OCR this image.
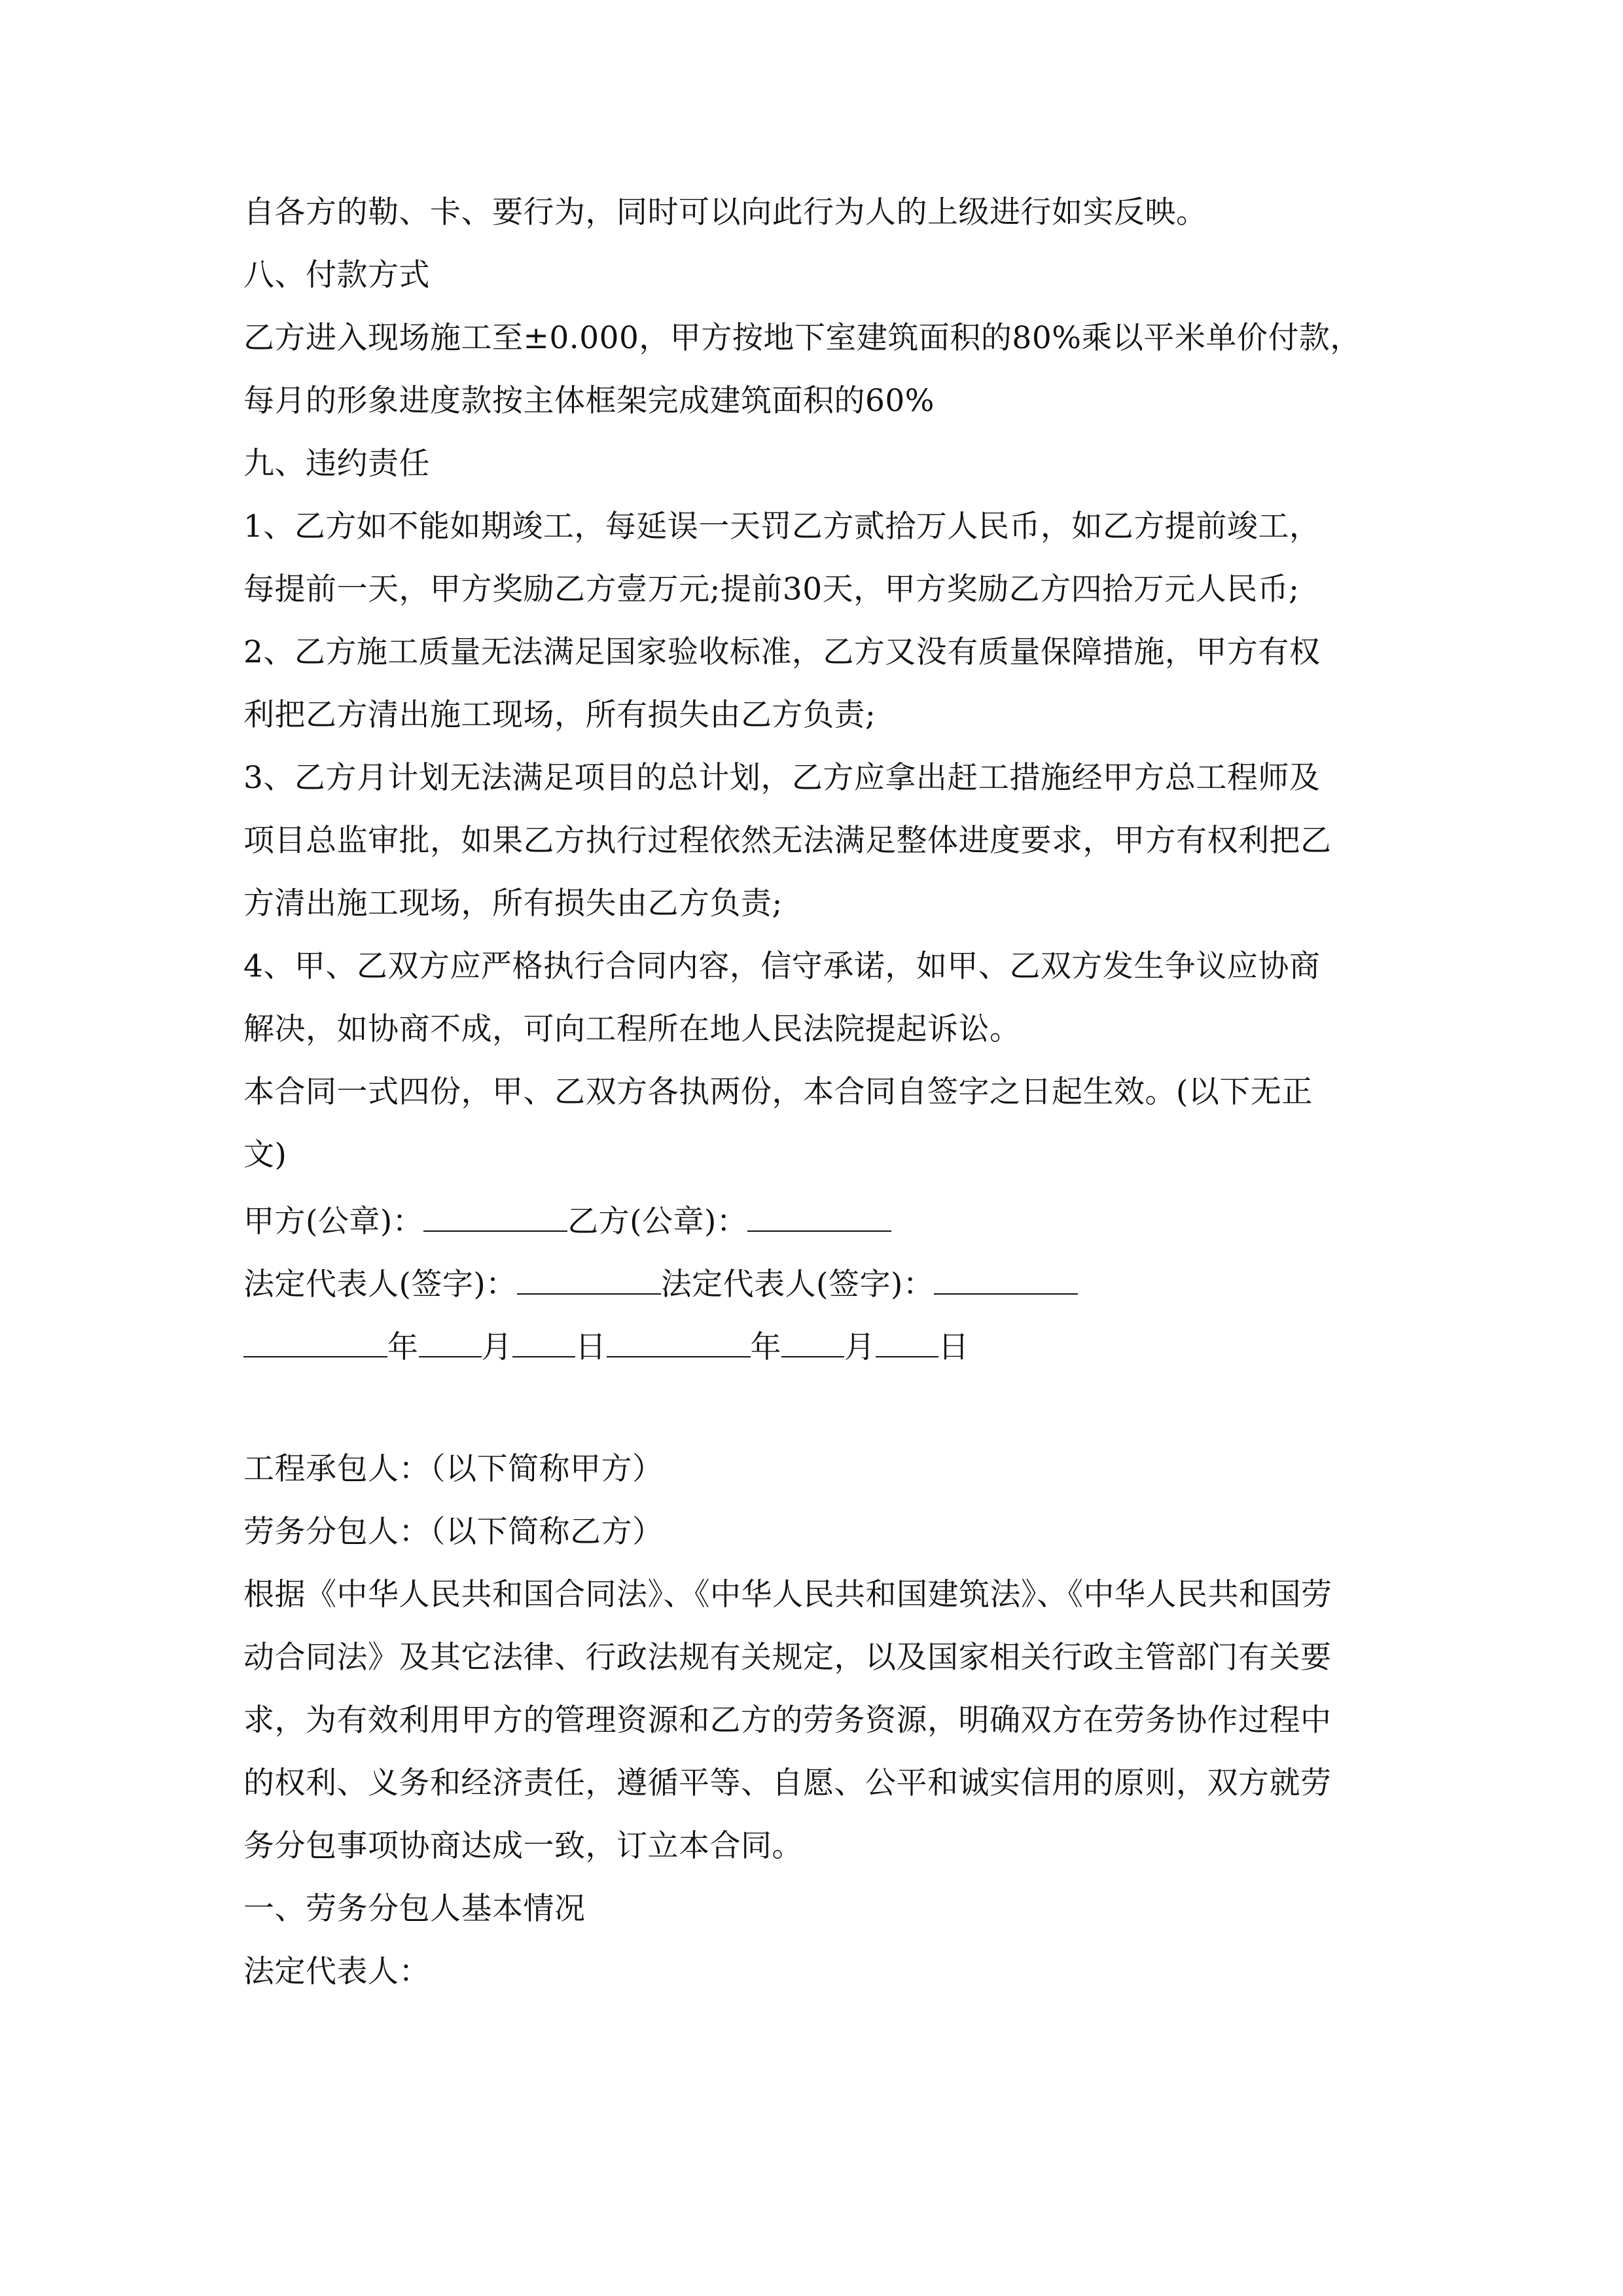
自各方的勒、卡、要行为，同时可以向此行为人的上级进行如实反映。
八、付款方式
乙方进入现场施工至±0.000，甲方按地下室建筑面积的80%乘以平米单价付款，
每月的形象进度款按主体框架完成建筑面积的60%
九、违约责任
1、乙方如不能如期竣工，每延误一天罚乙方贰拾万人民币，如乙方提前竣工，
每提前一天，甲方奖励乙方壹万元;提前30天，甲方奖励乙方四拾万元人民币;
2、乙方施工质量无法满足国家验收标准，乙方又没有质量保障措施，甲方有权
利把乙方清出施工现场，所有损失由乙方负责;
3、乙方月计划无法满足项目的总计划，乙方应拿出赶工措施经甲方总工程师及
项目总监审批，如果乙方执行过程依然无法满足整体进度要求，甲方有权利把乙
方清出施工现场，所有损失由乙方负责;
4、甲、乙双方应严格执行合同内容，信守承诺，如甲、乙双方发生争议应协商
解决，如协商不成，可向工程所在地人民法院提起诉讼。
本合同一式四份，甲、乙双方各执两份，本合同自签字之日起生效。(以下无正
文)
甲方(公章)：	乙方(公章)：
法定代表人(签字)：	法定代表人(签字)：
年 月 日	年 月 日
工程承包人：（以下简称甲方）
劳务分包人：（以下简称乙方）
根据《中华人民共和国合同法》、《中华人民共和国建筑法》、《中华人民共和国劳
动合同法》及其它法律、行政法规有关规定，以及国家相关行政主管部门有关要
求，为有效利用甲方的管理资源和乙方的劳务资源，明确双方在劳务协作过程中
的权利、义务和经济责任，遵循平等、自愿、公平和诚实信用的原则，双方就劳
务分包事项协商达成一致，订立本合同。
一、劳务分包人基本情况
法定代表人：
